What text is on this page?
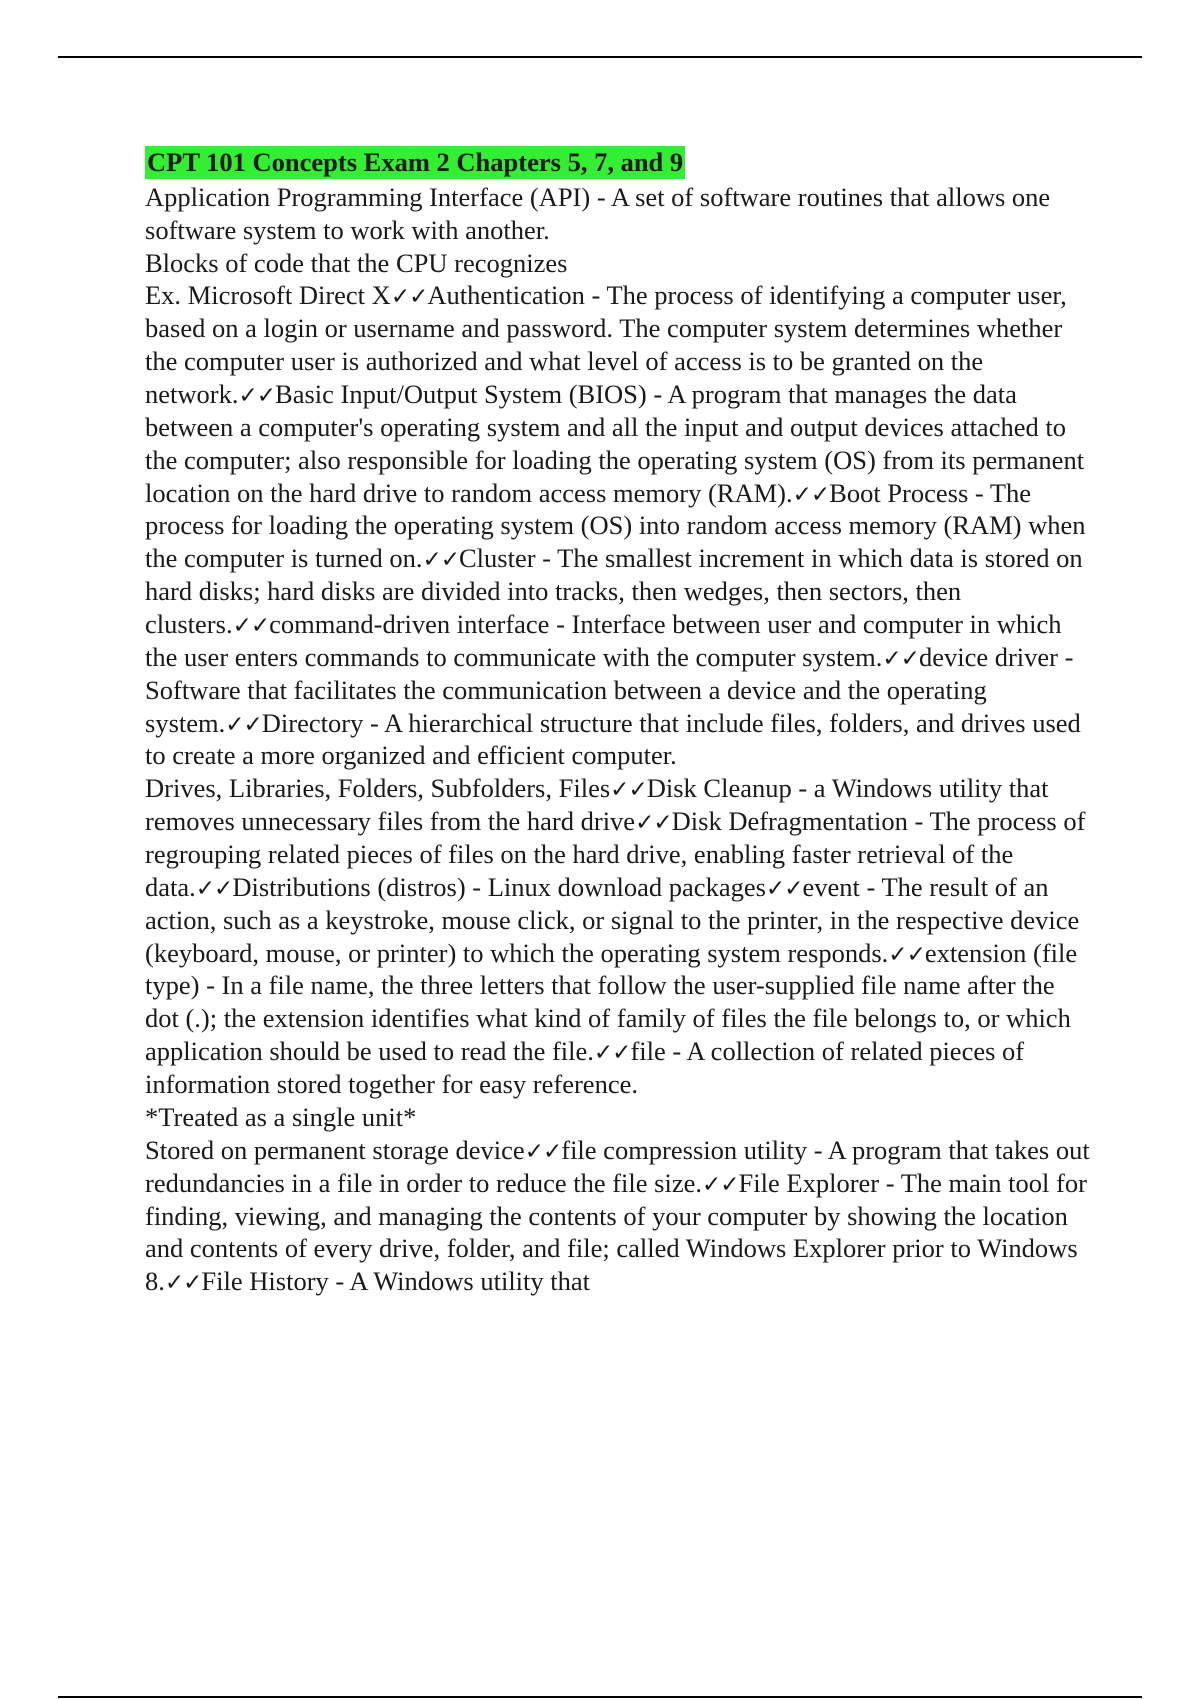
CPT 101 Concepts Exam 2 Chapters 5, 7, and 9

Application Programming Interface (API) - A set of software routines that allows one software system to work with another.

Blocks of code that the CPU recognizes

Ex. Microsoft Direct X✓✓Authentication - The process of identifying a computer user, based on a login or username and password. The computer system determines whether the computer user is authorized and what level of access is to be granted on the network.✓✓Basic Input/Output System (BIOS) - A program that manages the data between a computer's operating system and all the input and output devices attached to the computer; also responsible for loading the operating system (OS) from its permanent location on the hard drive to random access memory (RAM).✓✓Boot Process - The process for loading the operating system (OS) into random access memory (RAM) when the computer is turned on.✓✓Cluster - The smallest increment in which data is stored on hard disks; hard disks are divided into tracks, then wedges, then sectors, then clusters.✓✓command-driven interface - Interface between user and computer in which the user enters commands to communicate with the computer system.✓✓device driver - Software that facilitates the communication between a device and the operating system.✓✓Directory - A hierarchical structure that include files, folders, and drives used to create a more organized and efficient computer.

Drives, Libraries, Folders, Subfolders, Files✓✓Disk Cleanup - a Windows utility that removes unnecessary files from the hard drive✓✓Disk Defragmentation - The process of regrouping related pieces of files on the hard drive, enabling faster retrieval of the data.✓✓Distributions (distros) - Linux download packages✓✓event - The result of an action, such as a keystroke, mouse click, or signal to the printer, in the respective device (keyboard, mouse, or printer) to which the operating system responds.✓✓extension (file type) - In a file name, the three letters that follow the user-supplied file name after the dot (.); the extension identifies what kind of family of files the file belongs to, or which application should be used to read the file.✓✓file - A collection of related pieces of information stored together for easy reference.

*Treated as a single unit*

Stored on permanent storage device✓✓file compression utility - A program that takes out redundancies in a file in order to reduce the file size.✓✓File Explorer - The main tool for finding, viewing, and managing the contents of your computer by showing the location and contents of every drive, folder, and file; called Windows Explorer prior to Windows 8.✓✓File History - A Windows utility that
